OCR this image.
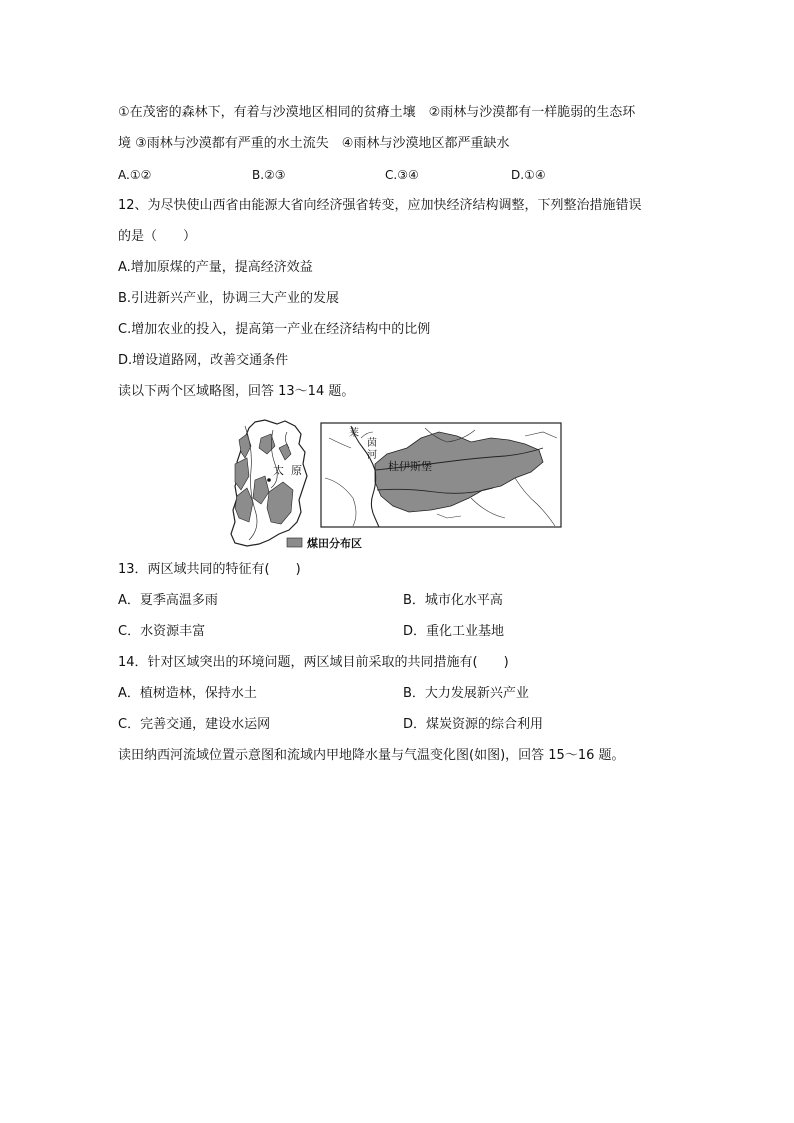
①在茂密的森林下，有着与沙漠地区相同的贫瘠土壤　②雨林与沙漠都有一样脆弱的生态环
境 ③雨林与沙漠都有严重的水土流失　④雨林与沙漠地区都严重缺水
A.①②	B.②③	C.③④	D.①④
12、为尽快使山西省由能源大省向经济强省转变，应加快经济结构调整，下列整治措施错误
的是（　　）
A.增加原煤的产量，提高经济效益
B.引进新兴产业，协调三大产业的发展
C.增加农业的投入，提高第一产业在经济结构中的比例
D.增设道路网，改善交通条件
读以下两个区域略图，回答 13～14 题。
太 原
莱
茵
河
杜伊斯堡
煤田分布区
13．两区域共同的特征有(　　)
A．夏季高温多雨	B．城市化水平高
C．水资源丰富	D．重化工业基地
14．针对区域突出的环境问题，两区域目前采取的共同措施有(　　)
A．植树造林，保持水土	B．大力发展新兴产业
C．完善交通，建设水运网	D．煤炭资源的综合利用
读田纳西河流域位置示意图和流域内甲地降水量与气温变化图(如图)，回答 15～16 题。
